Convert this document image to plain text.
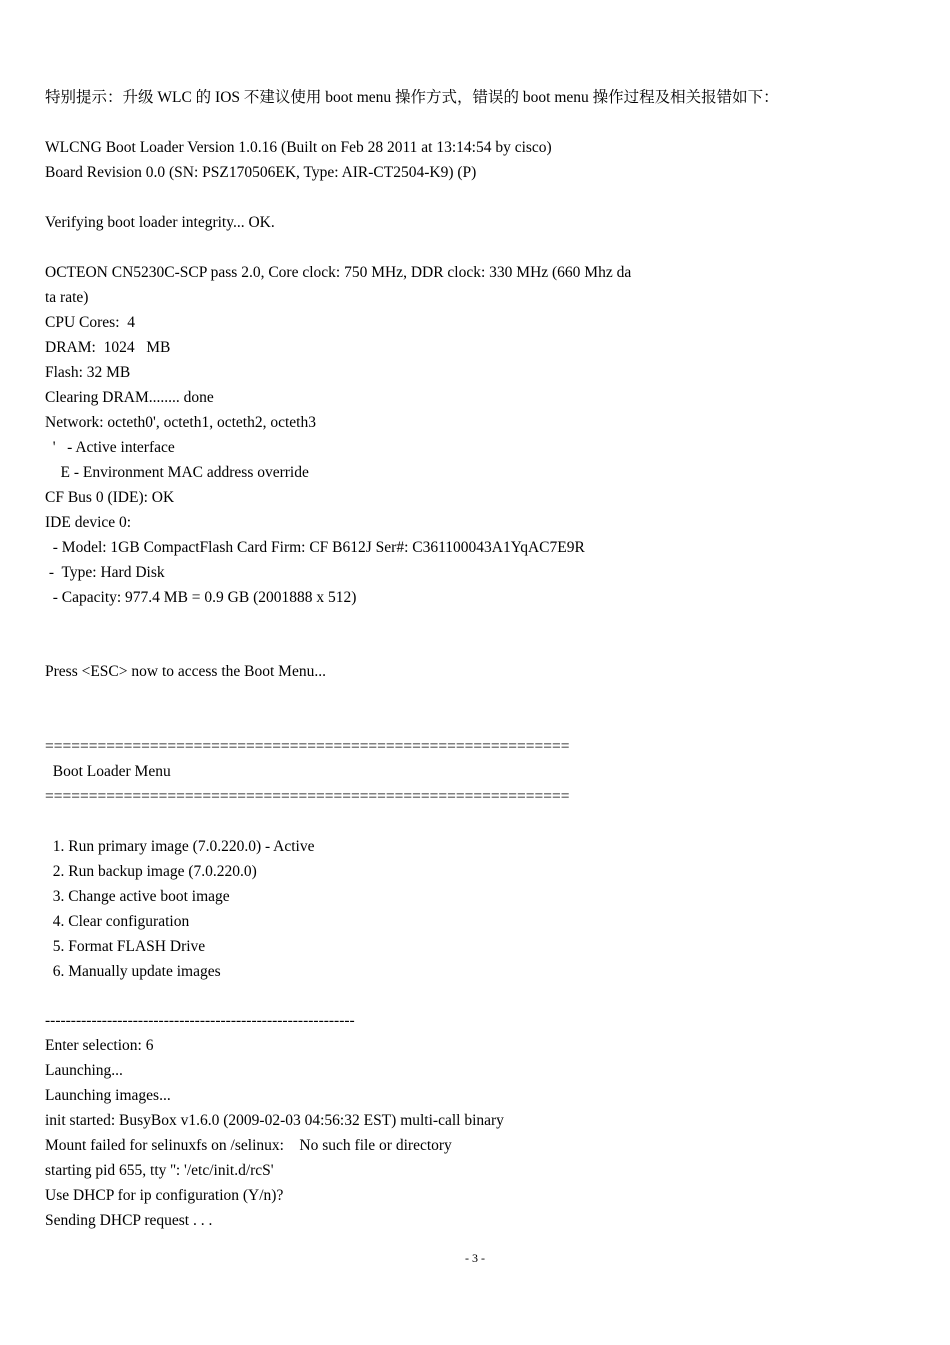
特别提示：升级 WLC 的 IOS 不建议使用 boot menu 操作方式，错误的 boot menu 操作过程及相关报错如下：
WLCNG Boot Loader Version 1.0.16 (Built on Feb 28 2011 at 13:14:54 by cisco)
Board Revision 0.0 (SN: PSZ170506EK, Type: AIR-CT2504-K9) (P)
Verifying boot loader integrity... OK.
OCTEON CN5230C-SCP pass 2.0, Core clock: 750 MHz, DDR clock: 330 MHz (660 Mhz da
ta rate)
CPU Cores:  4
DRAM:  1024   MB
Flash: 32 MB
Clearing DRAM........ done
Network: octeth0', octeth1, octeth2, octeth3
'   - Active interface
E - Environment MAC address override
CF Bus 0 (IDE): OK
IDE device 0:
- Model: 1GB CompactFlash Card Firm: CF B612J Ser#: C361100043A1YqAC7E9R
-  Type: Hard Disk
- Capacity: 977.4 MB = 0.9 GB (2001888 x 512)
Press <ESC> now to access the Boot Menu...
============================================================
Boot Loader Menu
============================================================
1. Run primary image (7.0.220.0) - Active
2. Run backup image (7.0.220.0)
3. Change active boot image
4. Clear configuration
5. Format FLASH Drive
6. Manually update images
------------------------------------------------------------
Enter selection: 6
Launching...
Launching images...
init started: BusyBox v1.6.0 (2009-02-03 04:56:32 EST) multi-call binary
Mount failed for selinuxfs on /selinux:    No such file or directory
starting pid 655, tty '': '/etc/init.d/rcS'
Use DHCP for ip configuration (Y/n)?
Sending DHCP request . . .
- 3 -
